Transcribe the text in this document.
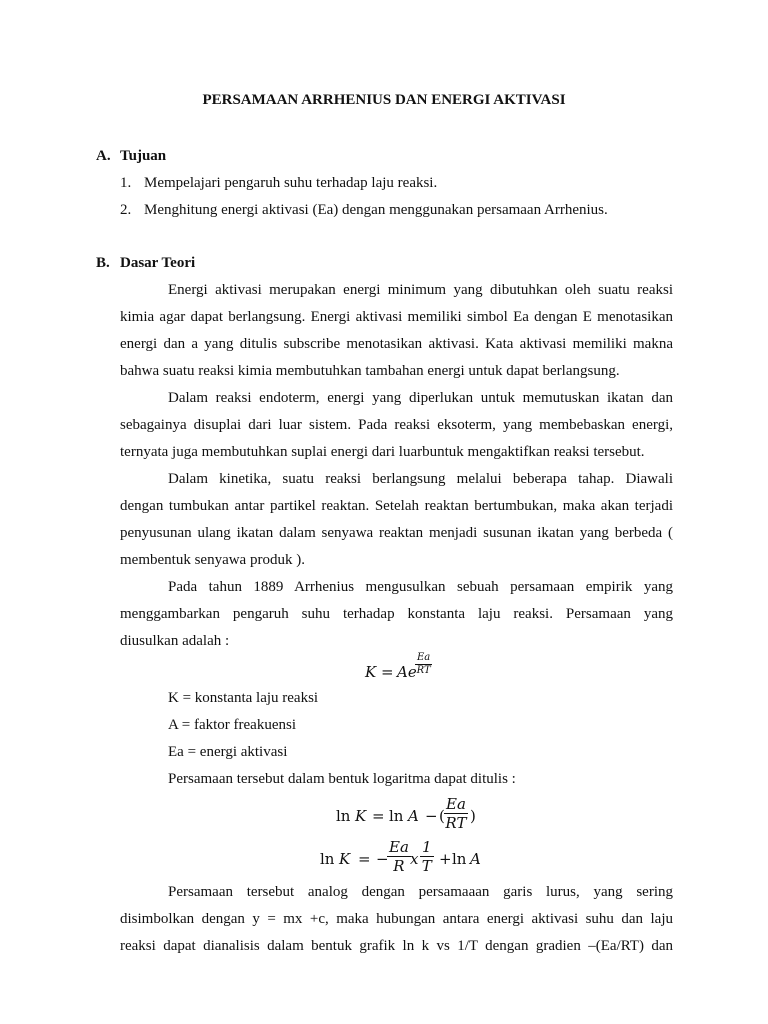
PERSAMAAN ARRHENIUS DAN ENERGI AKTIVASI
A. Tujuan
1. Mempelajari pengaruh suhu terhadap laju reaksi.
2. Menghitung energi aktivasi (Ea) dengan menggunakan persamaan Arrhenius.
B. Dasar Teori
Energi aktivasi merupakan energi minimum yang dibutuhkan oleh suatu reaksi
kimia agar dapat berlangsung. Energi aktivasi memiliki simbol Ea dengan E menotasikan
energi dan a yang ditulis subscribe menotasikan aktivasi. Kata aktivasi memiliki makna
bahwa suatu reaksi kimia membutuhkan tambahan energi untuk dapat berlangsung.
Dalam reaksi endoterm, energi yang diperlukan untuk memutuskan ikatan dan
sebagainya disuplai dari luar sistem. Pada reaksi eksoterm, yang membebaskan energi,
ternyata juga membutuhkan suplai energi dari luarbuntuk mengaktifkan reaksi tersebut.
Dalam kinetika, suatu reaksi berlangsung melalui beberapa tahap. Diawali
dengan tumbukan antar partikel reaktan. Setelah reaktan bertumbukan, maka akan terjadi
penyusunan ulang ikatan dalam senyawa reaktan menjadi susunan ikatan yang berbeda (
membentuk senyawa produk ).
Pada tahun 1889 Arrhenius mengusulkan sebuah persamaan empirik yang
menggambarkan pengaruh suhu terhadap konstanta laju reaksi. Persamaan yang
diusulkan adalah :
K = Ae
$\frac{Ea}{RT}$
K = konstanta laju reaksi
A = faktor freakuensi
Ea = energi aktivasi
Persamaan tersebut dalam bentuk logaritma dapat ditulis :
ln K = ln A − ( $\frac{Ea}{RT}$ )
ln K = −
$\frac{Ea}{R}$ x $\frac{1}{T} + \ln A$
Persamaan tersebut analog dengan persamaaan garis lurus, yang sering
disimbolkan dengan y = mx +c, maka hubungan antara energi aktivasi suhu dan laju
reaksi dapat dianalisis dalam bentuk grafik ln k vs 1/T dengan gradien –(Ea/RT) dan
